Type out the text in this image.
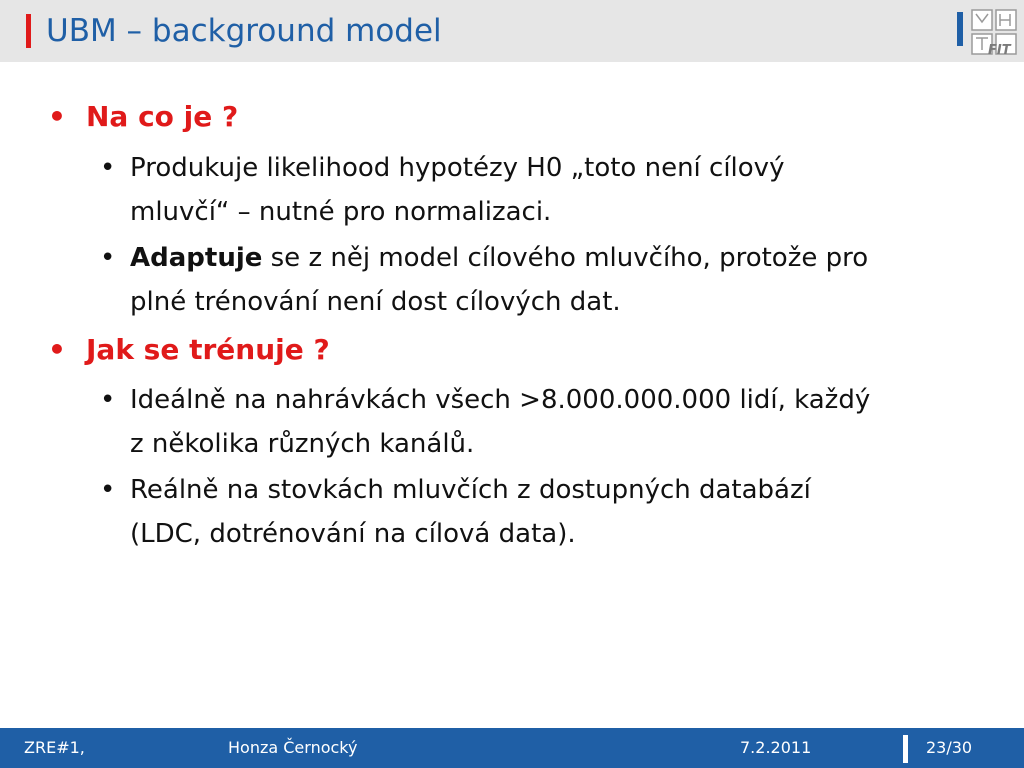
UBM – background model
FIT
• Na co je ?
• Produkuje likelihood hypotézy H0 „toto není cílový
mluvčí“ – nutné pro normalizaci.
• Adaptuje se z něj model cílového mluvčího, protože pro
plné trénování není dost cílových dat.
• Jak se trénuje ?
• Ideálně na nahrávkách všech >8.000.000.000 lidí, každý
z několika různých kanálů.
• Reálně na stovkách mluvčích z dostupných databází
(LDC, dotrénování na cílová data).
ZRE#1,	Honza Černocký	7.2.2011	23/30
